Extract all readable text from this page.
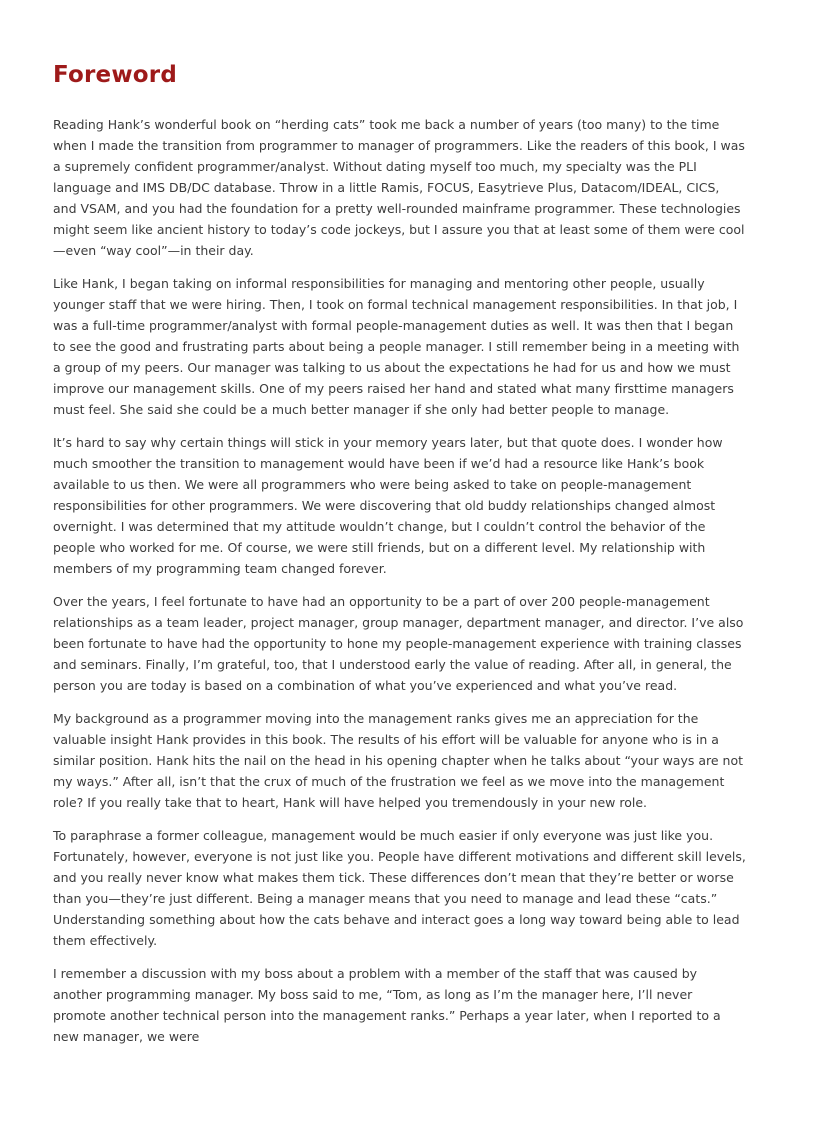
Foreword

Reading Hank’s wonderful book on “herding cats” took me back a number of years (too many) to the time when I made the transition from programmer to manager of programmers. Like the readers of this book, I was a supremely confident programmer/analyst. Without dating myself too much, my specialty was the PLI language and IMS DB/DC database. Throw in a little Ramis, FOCUS, Easytrieve Plus, Datacom/IDEAL, CICS, and VSAM, and you had the foundation for a pretty well-rounded mainframe programmer. These technologies might seem like ancient history to today’s code jockeys, but I assure you that at least some of them were cool—even “way cool”—in their day.

Like Hank, I began taking on informal responsibilities for managing and mentoring other people, usually younger staff that we were hiring. Then, I took on formal technical management responsibilities. In that job, I was a full-time programmer/analyst with formal people-management duties as well. It was then that I began to see the good and frustrating parts about being a people manager. I still remember being in a meeting with a group of my peers. Our manager was talking to us about the expectations he had for us and how we must improve our management skills. One of my peers raised her hand and stated what many firsttime managers must feel. She said she could be a much better manager if she only had better people to manage.

It’s hard to say why certain things will stick in your memory years later, but that quote does. I wonder how much smoother the transition to management would have been if we’d had a resource like Hank’s book available to us then. We were all programmers who were being asked to take on people-management responsibilities for other programmers. We were discovering that old buddy relationships changed almost overnight. I was determined that my attitude wouldn’t change, but I couldn’t control the behavior of the people who worked for me. Of course, we were still friends, but on a different level. My relationship with members of my programming team changed forever.

Over the years, I feel fortunate to have had an opportunity to be a part of over 200 people-management relationships as a team leader, project manager, group manager, department manager, and director. I’ve also been fortunate to have had the opportunity to hone my people-management experience with training classes and seminars. Finally, I’m grateful, too, that I understood early the value of reading. After all, in general, the person you are today is based on a combination of what you’ve experienced and what you’ve read.

My background as a programmer moving into the management ranks gives me an appreciation for the valuable insight Hank provides in this book. The results of his effort will be valuable for anyone who is in a similar position. Hank hits the nail on the head in his opening chapter when he talks about “your ways are not my ways.” After all, isn’t that the crux of much of the frustration we feel as we move into the management role? If you really take that to heart, Hank will have helped you tremendously in your new role.

To paraphrase a former colleague, management would be much easier if only everyone was just like you. Fortunately, however, everyone is not just like you. People have different motivations and different skill levels, and you really never know what makes them tick. These differences don’t mean that they’re better or worse than you—they’re just different. Being a manager means that you need to manage and lead these “cats.” Understanding something about how the cats behave and interact goes a long way toward being able to lead them effectively.

I remember a discussion with my boss about a problem with a member of the staff that was caused by another programming manager. My boss said to me, “Tom, as long as I’m the manager here, I’ll never promote another technical person into the management ranks.” Perhaps a year later, when I reported to a new manager, we were
